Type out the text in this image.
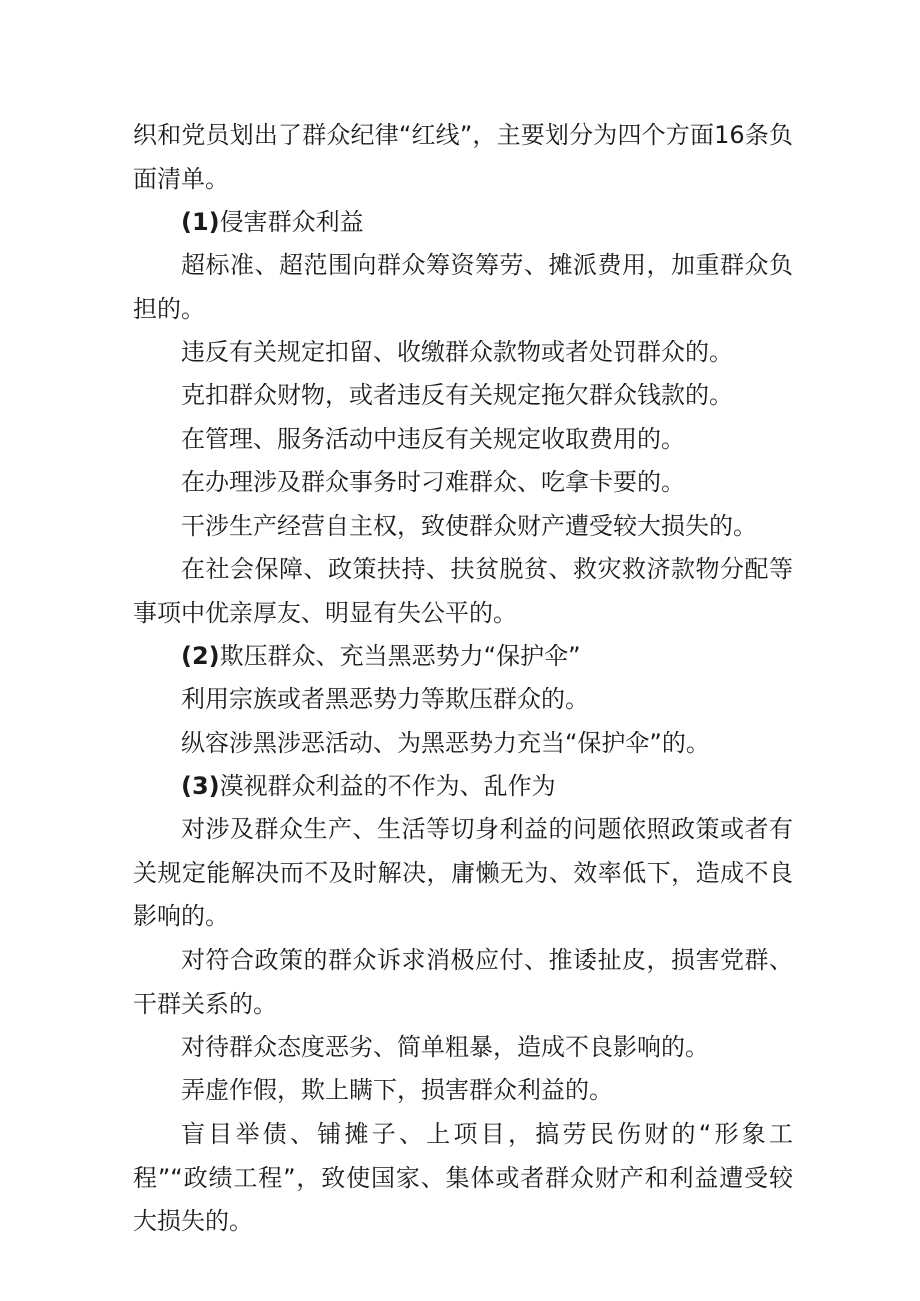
织和党员划出了群众纪律“红线”，主要划分为四个方面16条负面清单。

(1)侵害群众利益

超标准、超范围向群众筹资筹劳、摊派费用，加重群众负担的。

违反有关规定扣留、收缴群众款物或者处罚群众的。

克扣群众财物，或者违反有关规定拖欠群众钱款的。

在管理、服务活动中违反有关规定收取费用的。

在办理涉及群众事务时刁难群众、吃拿卡要的。

干涉生产经营自主权，致使群众财产遭受较大损失的。

在社会保障、政策扶持、扶贫脱贫、救灾救济款物分配等事项中优亲厚友、明显有失公平的。

(2)欺压群众、充当黑恶势力“保护伞”

利用宗族或者黑恶势力等欺压群众的。

纵容涉黑涉恶活动、为黑恶势力充当“保护伞”的。

(3)漠视群众利益的不作为、乱作为

对涉及群众生产、生活等切身利益的问题依照政策或者有关规定能解决而不及时解决，庸懒无为、效率低下，造成不良影响的。

对符合政策的群众诉求消极应付、推诿扯皮，损害党群、干群关系的。

对待群众态度恶劣、简单粗暴，造成不良影响的。

弄虚作假，欺上瞒下，损害群众利益的。

盲目举债、铺摊子、上项目，搞劳民伤财的“形象工程”“政绩工程”，致使国家、集体或者群众财产和利益遭受较大损失的。
